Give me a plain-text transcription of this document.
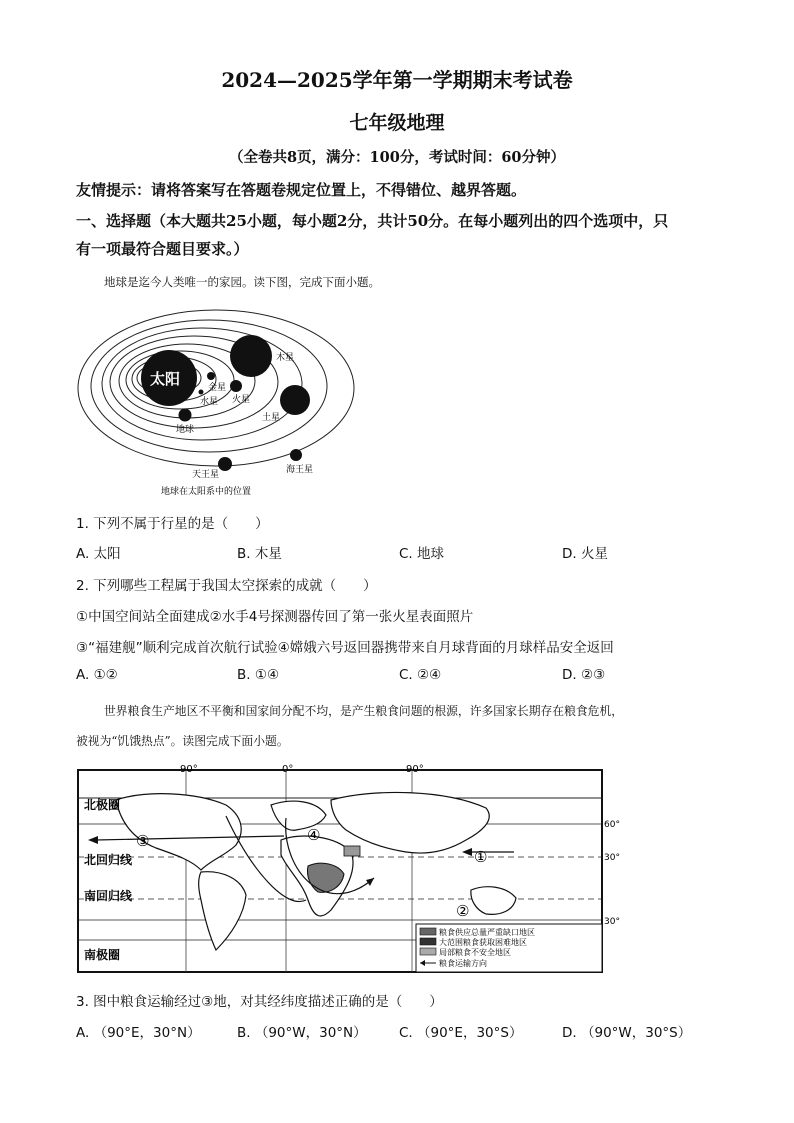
2024—2025学年第一学期期末考试卷
七年级地理
（全卷共8页，满分：100分，考试时间：60分钟）
友情提示：请将答案写在答题卷规定位置上，不得错位、越界答题。
一、选择题（本大题共25小题，每小题2分，共计50分。在每小题列出的四个选项中，只
有一项最符合题目要求。）
地球是迄今人类唯一的家园。读下图，完成下面小题。
太阳
木星
金星
水星 火星
土星
地球
天王星	海王星
地球在太阳系中的位置
1. 下列不属于行星的是（　　）
A. 太阳	B. 木星	C. 地球	D. 火星
2. 下列哪些工程属于我国太空探索的成就（　　）
①中国空间站全面建成②水手4号探测器传回了第一张火星表面照片
③“福建舰”顺利完成首次航行试验④嫦娥六号返回器携带来自月球背面的月球样品安全返回
A. ①②	B. ①④	C. ②④	D. ②③
世界粮食生产地区不平衡和国家间分配不均，是产生粮食问题的根源，许多国家长期存在粮食危机，
被视为“饥饿热点”。读图完成下面小题。
90°	0°	90°
60°
30°
30°
北极圈
北回归线
南回归线
南极圈
③	④
①
②
粮食供应总量严重缺口地区
大范围粮食获取困难地区
局部粮食不安全地区
粮食运输方向
3. 图中粮食运输经过③地，对其经纬度描述正确的是（　　）
A. （90°E，30°N）	B. （90°W，30°N） C. （90°E，30°S）	D. （90°W，30°S）
